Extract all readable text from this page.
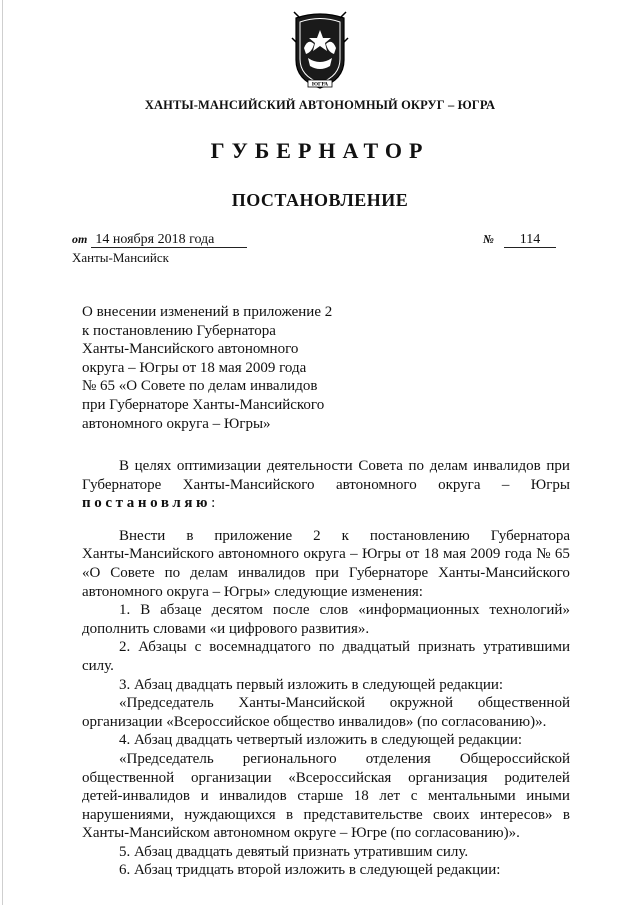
ЮГРА
ХАНТЫ-МАНСИЙСКИЙ АВТОНОМНЫЙ ОКРУГ – ЮГРА
ГУБЕРНАТОР
ПОСТАНОВЛЕНИЕ
от 14 ноября 2018 года	№ 114
Ханты-Мансийск
О внесении изменений в приложение 2
к постановлению Губернатора
Ханты-Мансийского автономного
округа – Югры от 18 мая 2009 года
№ 65 «О Совете по делам инвалидов
при Губернаторе Ханты-Мансийского
автономного округа – Югры»
В целях оптимизации деятельности Совета по делам инвалидов при
Губернаторе Ханты-Мансийского автономного округа – Югры
постановляю:
Внести в приложение 2 к постановлению Губернатора
Ханты-Мансийского автономного округа – Югры от 18 мая 2009 года № 65
«О Совете по делам инвалидов при Губернаторе Ханты-Мансийского
автономного округа – Югры» следующие изменения:
1. В абзаце десятом после слов «информационных технологий»
дополнить словами «и цифрового развития».
2. Абзацы с восемнадцатого по двадцатый признать утратившими
силу.
3. Абзац двадцать первый изложить в следующей редакции:
«Председатель Ханты-Мансийской окружной общественной
организации «Всероссийское общество инвалидов» (по согласованию)».
4. Абзац двадцать четвертый изложить в следующей редакции:
«Председатель регионального отделения Общероссийской
общественной организации «Всероссийская организация родителей
детей-инвалидов и инвалидов старше 18 лет с ментальными иными
нарушениями, нуждающихся в представительстве своих интересов» в
Ханты-Мансийском автономном округе – Югре (по согласованию)».
5. Абзац двадцать девятый признать утратившим силу.
6. Абзац тридцать второй изложить в следующей редакции:
